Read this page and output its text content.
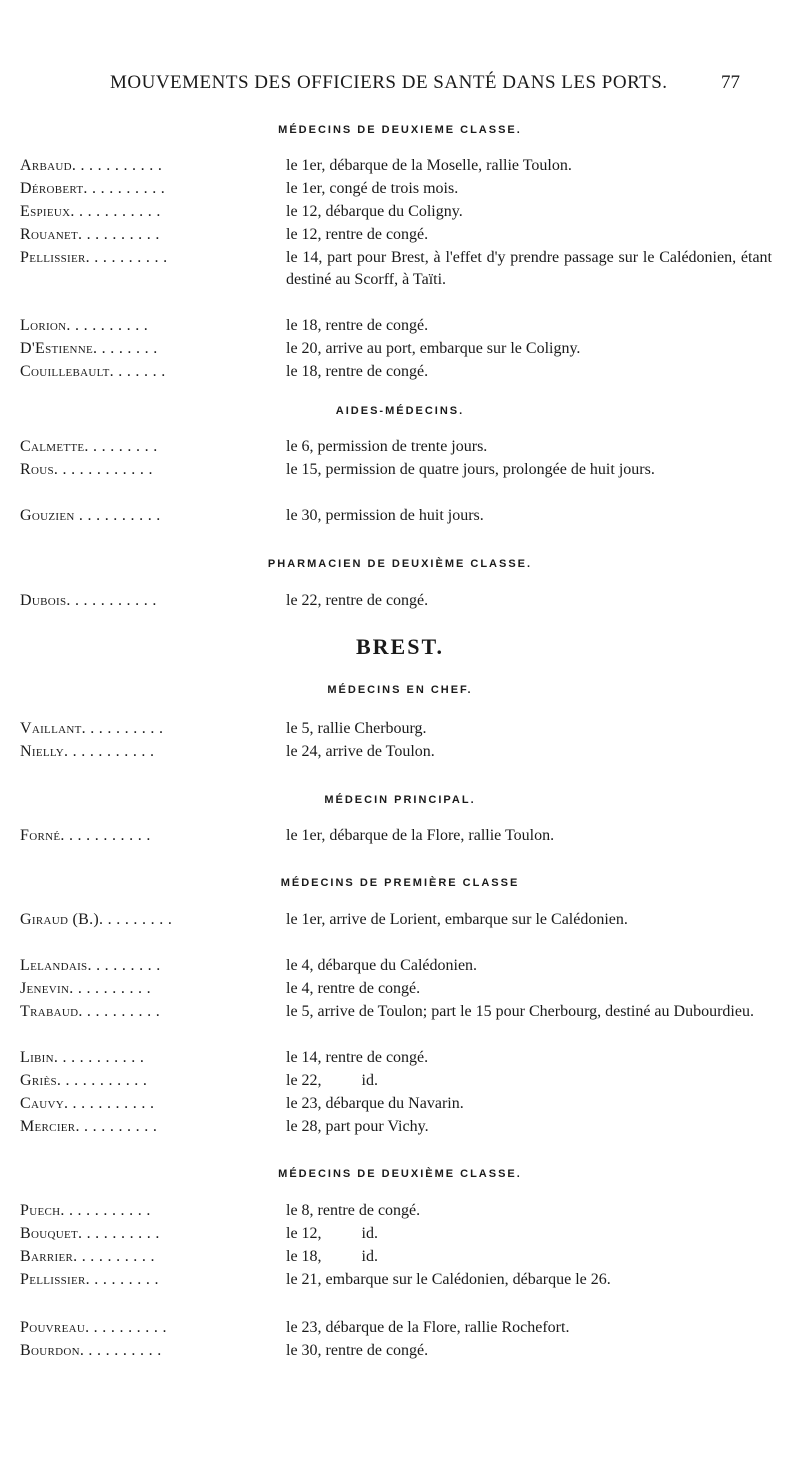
MOUVEMENTS DES OFFICIERS DE SANTÉ DANS LES PORTS.	77
MÉDECINS DE DEUXIEME CLASSE.
Arbaud. . . . . . . . . . .	le 1er, débarque de la Moselle, rallie Toulon.
Dérobert. . . . . . . . . .	le 1er, congé de trois mois.
Espieux. . . . . . . . . . .	le 12, débarque du Coligny.
Rouanet. . . . . . . . . .	le 12, rentre de congé.
Pellissier. . . . . . . . . .	le 14, part pour Brest, à l'effet d'y prendre passage sur le Calédonien, étant destiné au Scorff, à Taïti.
Lorion. . . . . . . . . .	le 18, rentre de congé.
D'Estienne. . . . . . . .	le 20, arrive au port, embarque sur le Coligny.
Couillebault. . . . . . .	le 18, rentre de congé.
AIDES-MÉDECINS.
Calmette. . . . . . . . .	le 6, permission de trente jours.
Rous. . . . . . . . . . . .	le 15, permission de quatre jours, prolongée de huit jours.
Gouzien . . . . . . . . . .	le 30, permission de huit jours.
PHARMACIEN DE DEUXIÈME CLASSE.
Dubois. . . . . . . . . . .	le 22, rentre de congé.
BREST.
MÉDECINS EN CHEF.
Vaillant. . . . . . . . . .	le 5, rallie Cherbourg.
Nielly. . . . . . . . . . .	le 24, arrive de Toulon.
MÉDECIN PRINCIPAL.
Forné. . . . . . . . . . .	le 1er, débarque de la Flore, rallie Toulon.
MÉDECINS DE PREMIÈRE CLASSE
Giraud (B.). . . . . . . . .	le 1er, arrive de Lorient, embarque sur le Calédonien.
Lelandais. . . . . . . . .	le 4, débarque du Calédonien.
Jenevin. . . . . . . . . .	le 4, rentre de congé.
Trabaud. . . . . . . . . .	le 5, arrive de Toulon; part le 15 pour Cherbourg, destiné au Dubourdieu.
Libin. . . . . . . . . . .	le 14, rentre de congé.
Griès. . . . . . . . . . .	le 22,          id.
Cauvy. . . . . . . . . . .	le 23, débarque du Navarin.
Mercier. . . . . . . . . .	le 28, part pour Vichy.
MÉDECINS DE DEUXIÈME CLASSE.
Puech. . . . . . . . . . .	le 8, rentre de congé.
Bouquet. . . . . . . . . .	le 12,          id.
Barrier. . . . . . . . . .	le 18,          id.
Pellissier. . . . . . . . .	le 21, embarque sur le Calédonien, débarque le 26.
Pouvreau. . . . . . . . . .	le 23, débarque de la Flore, rallie Rochefort.
Bourdon. . . . . . . . . .	le 30, rentre de congé.
